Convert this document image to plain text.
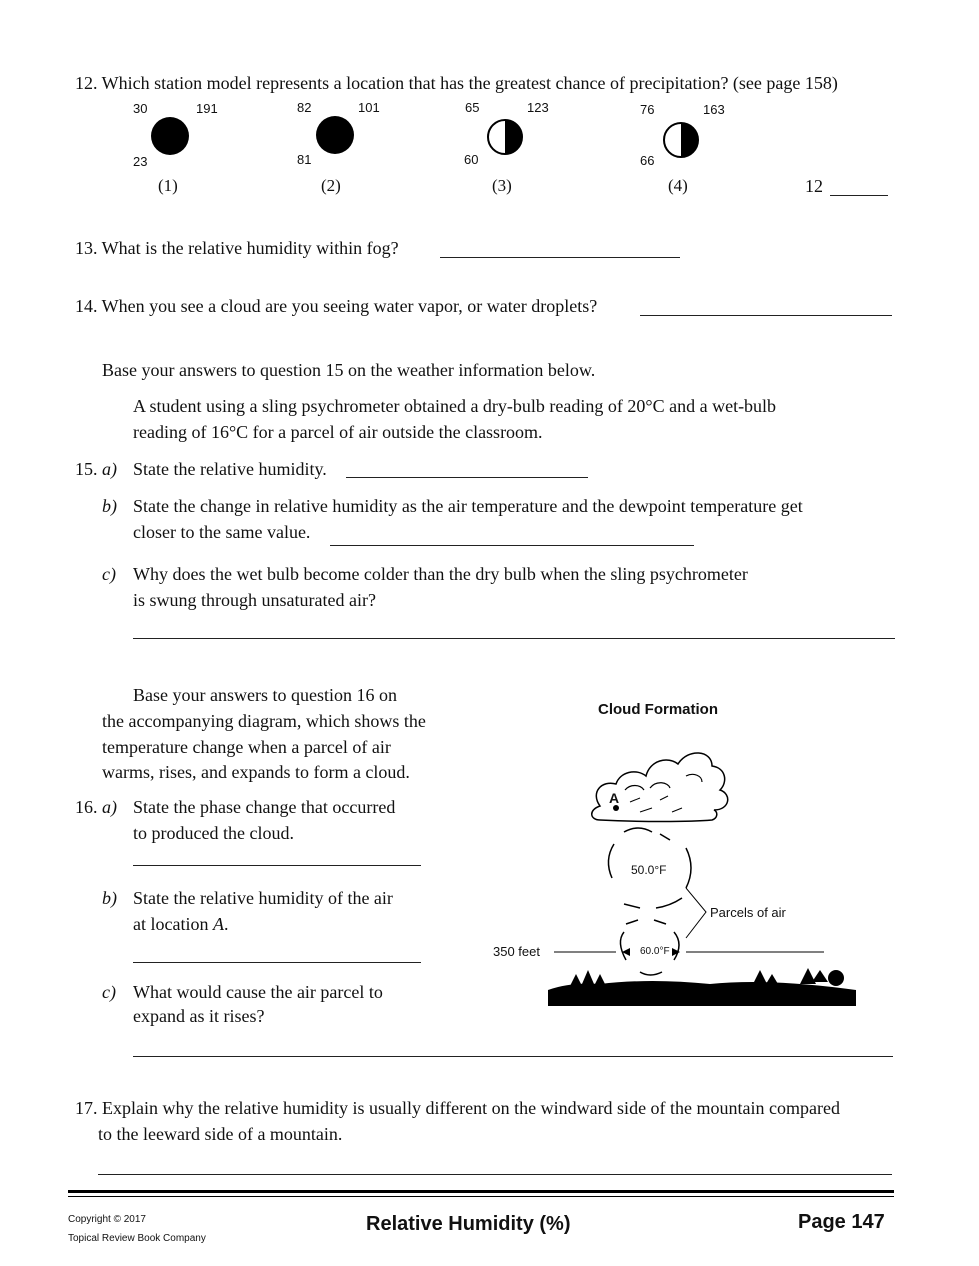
12. Which station model represents a location that has the greatest chance of precipitation? (see page 158)
30	191
23
(1)
82	101
81
(2)
65	123
60
(3)
76	163
66
(4)	12
13. What is the relative humidity within fog?
14. When you see a cloud are you seeing water vapor, or water droplets?
Base your answers to question 15 on the weather information below.
A student using a sling psychrometer obtained a dry-bulb reading of 20°C and a wet-bulb
reading of 16°C for a parcel of air outside the classroom.
15. a) State the relative humidity.
b) State the change in relative humidity as the air temperature and the dewpoint temperature get
closer to the same value.
c) Why does the wet bulb become colder than the dry bulb when the sling psychrometer
is swung through unsaturated air?
Base your answers to question 16 on
the accompanying diagram, which shows the
temperature change when a parcel of air
warms, rises, and expands to form a cloud.
16. a) State the phase change that occurred
to produced the cloud.
b) State the relative humidity of the air
at location A.
c) What would cause the air parcel to
expand as it rises?
Cloud Formation
A
50.0°F
60.0°F
Parcels of air
350 feet
17. Explain why the relative humidity is usually different on the windward side of the mountain compared
to the leeward side of a mountain.
Copyright © 2017
Topical Review Book Company
Relative Humidity (%)	Page 147
